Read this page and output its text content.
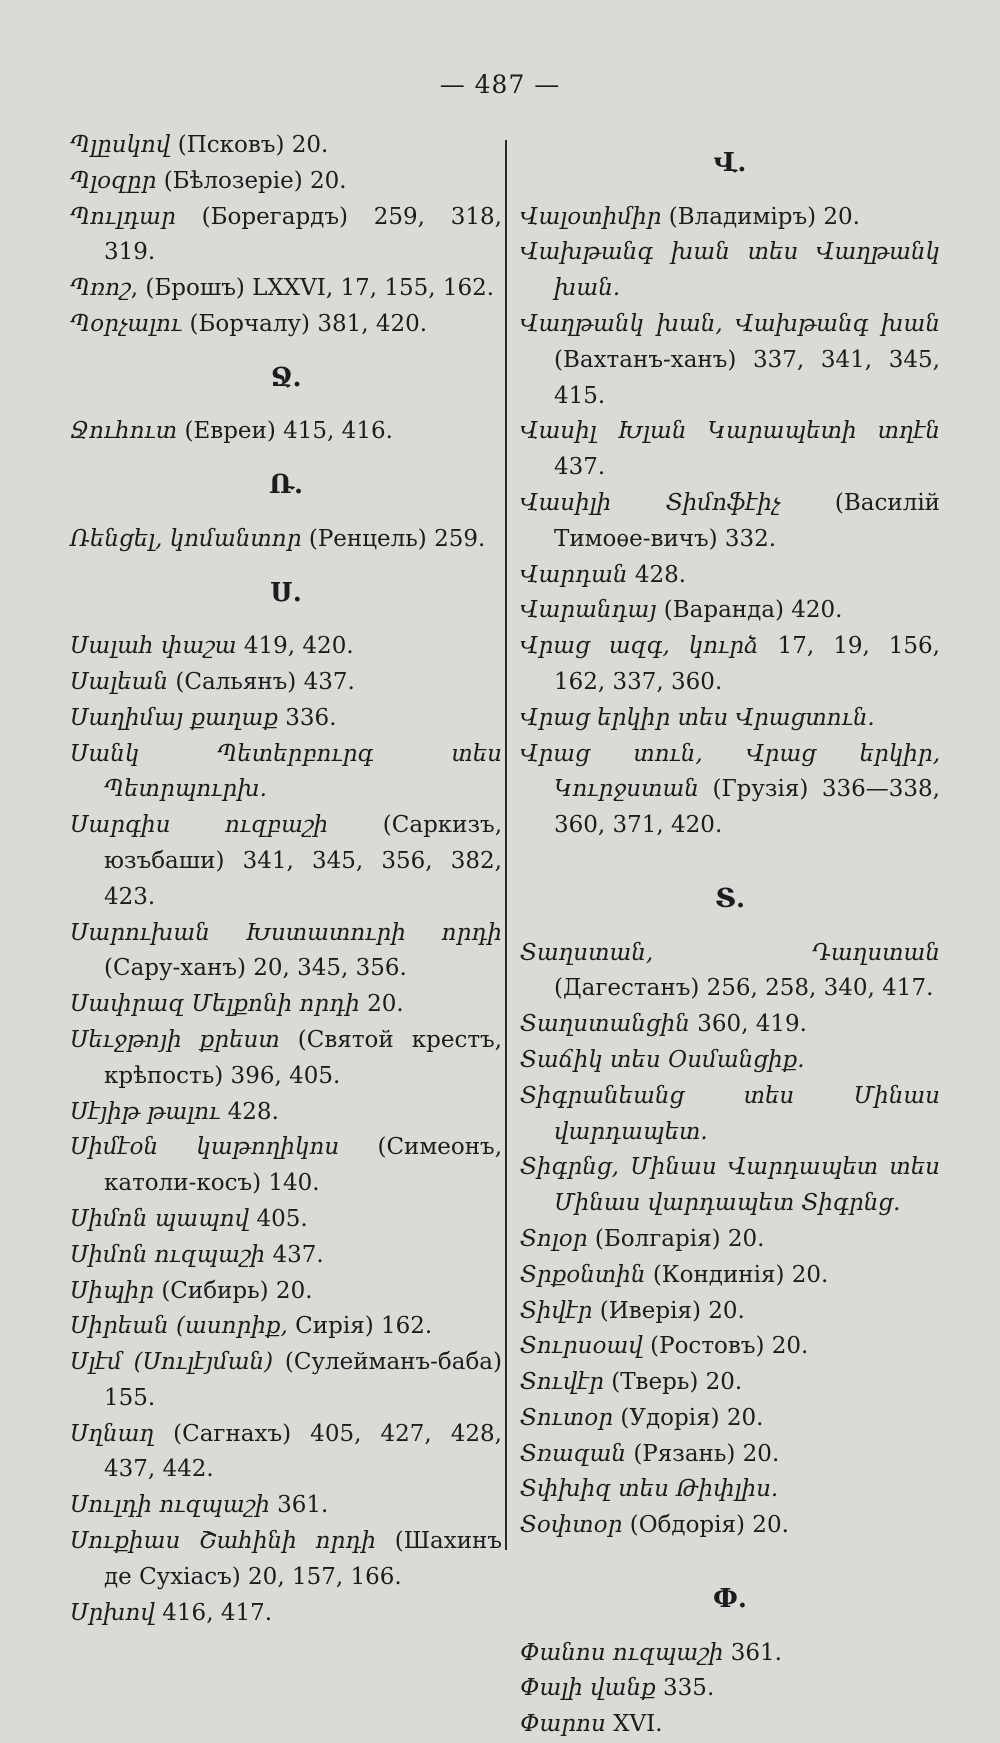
— 487 —

Պլըսկով (Псковъ) 20.

Պլօզըր (Бѣлозеріе) 20.

Պուլդար (Борегардъ) 259, 318, 319.

Պռոշ, (Брошъ) LXXVI, 17, 155, 162.

Պօրչալու (Борчалу) 381, 420.

Ջ.

Ջուհուտ (Евреи) 415, 416.

Ռ.

Ռենցել, կոմանտոր (Ренцель) 259.

Ս.

Սալահ փաշա 419, 420.

Սալեան (Сальянъ) 437.

Սաղիմայ քաղաք 336.

Սանկ Պետերբուրգ տես Պետրպուրխ.

Սարգիս ուզբաշի (Саркизъ, юзъбаши) 341, 345, 356, 382, 423.

Սարուխան Խստատուրի որդի (Сару-ханъ) 20, 345, 356.

Սափրազ Մելքոնի որդի 20.

Սեւջթոյի քրեստ (Святой крестъ, крѣпость) 396, 405.

Սէյիթ թալու 428.

Սիմէօն կաթողիկոս (Симеонъ, католи-косъ) 140.

Սիմոն պապով 405.

Սիմոն ուզպաշի 437.

Սիպիր (Сибирь) 20.

Սիրեան (ասորիք, Сирія) 162.

Սլէմ (Սուլէյման) (Сулейманъ-баба) 155.

Սղնաղ (Сагнахъ) 405, 427, 428, 437, 442.

Սուլդի ուզպաշի 361.

Սուքիաս Շահինի որդի (Шахинъ де Сухіасъ) 20, 157, 166.

Սրխով 416, 417.

Վ.

Վալօտիմիր (Владиміръ) 20.

Վախթանգ խան տես Վաղթանկ խան.

Վաղթանկ խան, Վախթանգ խան (Вахтанъ-ханъ) 337, 341, 345, 415.

Վասիլ Խլան Կարապետի տղէն 437.

Վասիլի Տիմոֆէիչ (Василій Тимоѳе-вичъ) 332.

Վարդան 428.

Վարանդայ (Варанда) 420.

Վրաց ազգ, կուրձ 17, 19, 156, 162, 337, 360.

Վրաց երկիր տես Վրացտուն.

Վրաց տուն, Վրաց երկիր, Կուրջստան (Грузія) 336—338, 360, 371, 420.

Տ.

Տաղստան, Դաղստան (Дагестанъ) 256, 258, 340, 417.

Տաղստանցին 360, 419.

Տաճիկ տես Օսմանցիք.

Տիգրանեանց տես Մինաս վարդապետ.

Տիգրնց, Մինաս Վարդապետ տես Մինաս վարդապետ Տիգրնց.

Տոլօր (Болгарія) 20.

Տրքօնտին (Кондинія) 20.

Տիվէր (Иверія) 20.

Տուրսօավ (Ростовъ) 20.

Տուվէր (Тверь) 20.

Տուտօր (Удорія) 20.

Տռազան (Рязань) 20.

Տփխիզ տես Թիփլիս.

Տօփտօր (Обдорія) 20.

Փ.

Փանոս ուզպաշի 361.

Փալի վանք 335.

Փարոս XVI.
